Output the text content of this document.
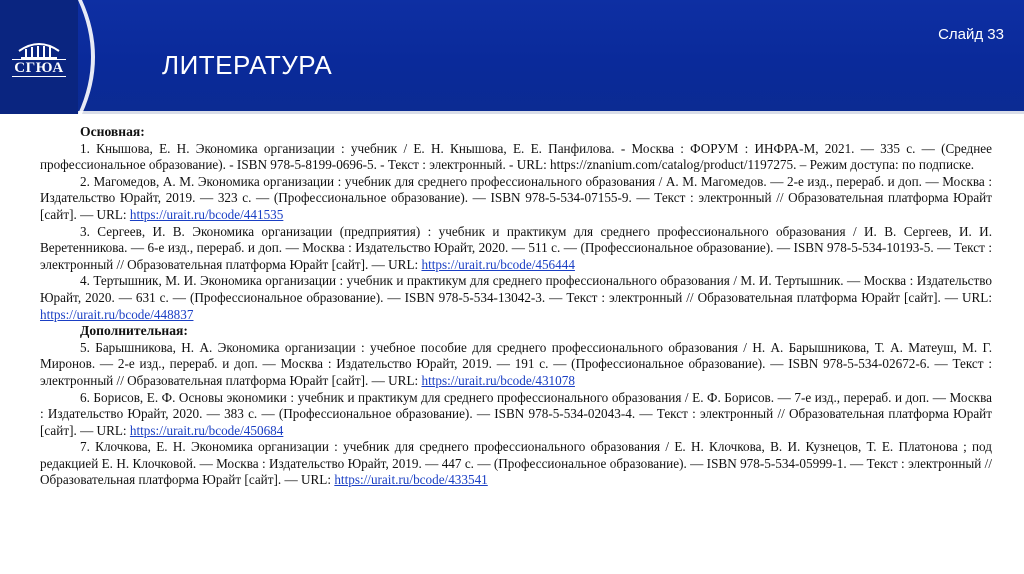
СГЮА	ЛИТЕРАТУРА
Слайд 33
Основная:

1. Кнышова, Е. Н. Экономика организации : учебник / Е. Н. Кнышова, Е. Е. Панфилова. - Москва : ФОРУМ : ИНФРА-М, 2021. — 335 с. — (Среднее профессиональное образование). - ISBN 978-5-8199-0696-5. - Текст : электронный. - URL: https://znanium.com/catalog/product/1197275. – Режим доступа: по подписке.

2. Магомедов, А. М. Экономика организации : учебник для среднего профессионального образования / А. М. Магомедов. — 2-е изд., перераб. и доп. — Москва : Издательство Юрайт, 2019. — 323 с. — (Профессиональное образование). — ISBN 978-5-534-07155-9. — Текст : электронный // Образовательная платформа Юрайт [сайт]. — URL: https://urait.ru/bcode/441535

3. Сергеев, И. В. Экономика организации (предприятия) : учебник и практикум для среднего профессионального образования / И. В. Сергеев, И. И. Веретенникова. — 6-е изд., перераб. и доп. — Москва : Издательство Юрайт, 2020. — 511 с. — (Профессиональное образование). — ISBN 978-5-534-10193-5. — Текст : электронный // Образовательная платформа Юрайт [сайт]. — URL: https://urait.ru/bcode/456444

4. Тертышник, М. И. Экономика организации : учебник и практикум для среднего профессионального образования / М. И. Тертышник. — Москва : Издательство Юрайт, 2020. — 631 с. — (Профессиональное образование). — ISBN 978-5-534-13042-3. — Текст : электронный // Образовательная платформа Юрайт [сайт]. — URL: https://urait.ru/bcode/448837

Дополнительная:

5. Барышникова, Н. А. Экономика организации : учебное пособие для среднего профессионального образования / Н. А. Барышникова, Т. А. Матеуш, М. Г. Миронов. — 2-е изд., перераб. и доп. — Москва : Издательство Юрайт, 2019. — 191 с. — (Профессиональное образование). — ISBN 978-5-534-02672-6. — Текст : электронный // Образовательная платформа Юрайт [сайт]. — URL: https://urait.ru/bcode/431078

6. Борисов, Е. Ф. Основы экономики : учебник и практикум для среднего профессионального образования / Е. Ф. Борисов. — 7-е изд., перераб. и доп. — Москва : Издательство Юрайт, 2020. — 383 с. — (Профессиональное образование). — ISBN 978-5-534-02043-4. — Текст : электронный // Образовательная платформа Юрайт [сайт]. — URL: https://urait.ru/bcode/450684

7. Клочкова, Е. Н. Экономика организации : учебник для среднего профессионального образования / Е. Н. Клочкова, В. И. Кузнецов, Т. Е. Платонова ; под редакцией Е. Н. Клочковой. — Москва : Издательство Юрайт, 2019. — 447 с. — (Профессиональное образование). — ISBN 978-5-534-05999-1. — Текст : электронный // Образовательная платформа Юрайт [сайт]. — URL: https://urait.ru/bcode/433541
